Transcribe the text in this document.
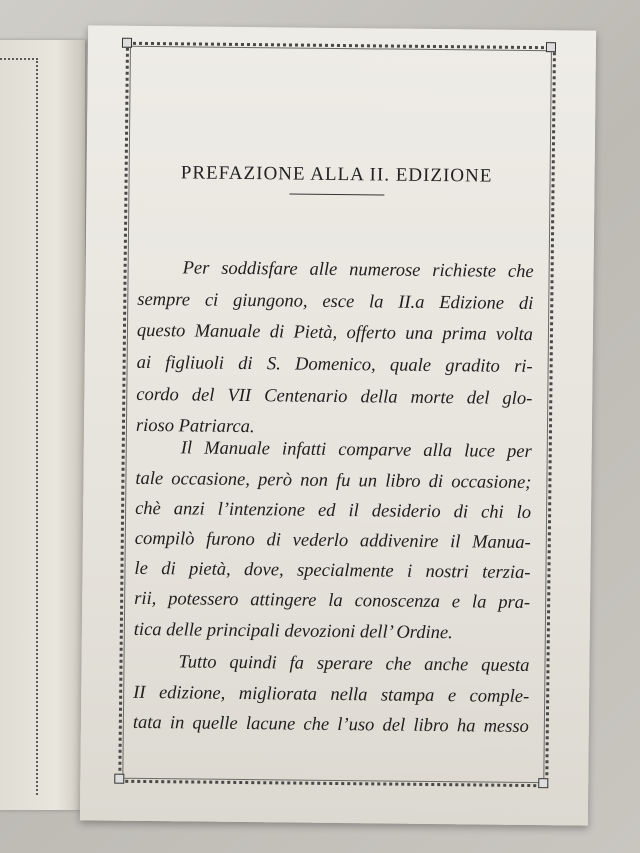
PREFAZIONE ALLA II. EDIZIONE
Per soddisfare alle numerose richieste che
sempre ci giungono, esce la II.a Edizione di
questo Manuale di Pietà, offerto una prima volta
ai figliuoli di S. Domenico, quale gradito ri-
cordo del VII Centenario della morte del glo-
rioso Patriarca.
Il Manuale infatti comparve alla luce per
tale occasione, però non fu un libro di occasione;
chè anzi l’intenzione ed il desiderio di chi lo
compilò furono di vederlo addivenire il Manua-
le di pietà, dove, specialmente i nostri terzia-
rii, potessero attingere la conoscenza e la pra-
tica delle principali devozioni dell’ Ordine.
Tutto quindi fa sperare che anche questa
II edizione, migliorata nella stampa e comple-
tata in quelle lacune che l’uso del libro ha messo
